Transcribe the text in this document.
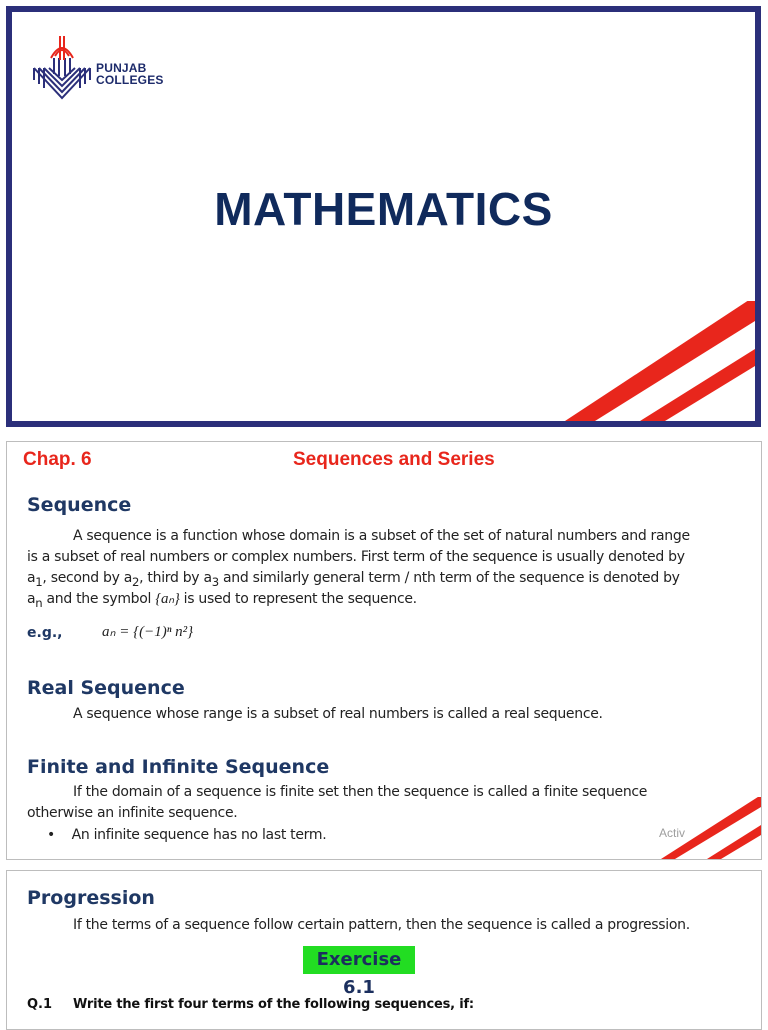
PUNJAB
COLLEGES
MATHEMATICS
Chap. 6	Sequences and Series
Sequence
A sequence is a function whose domain is a subset of the set of natural numbers and range
is a subset of real numbers or complex numbers. First term of the sequence is usually denoted by
$a_1$, second by $a_2$, third by $a_3$ and similarly general term / nth term of the sequence is denoted by
$a_n$ and the symbol {aₙ} is used to represent the sequence.
e.g.,	aₙ = {(−1)ⁿ n²}
Real Sequence
A sequence whose range is a subset of real numbers is called a real sequence.
Finite and Infinite Sequence
If the domain of a sequence is finite set then the sequence is called a finite sequence
otherwise an infinite sequence.
•    An infinite sequence has no last term.	Activ
Progression
If the terms of a sequence follow certain pattern, then the sequence is called a progression.
Exercise 6.1
Q.1 Write the first four terms of the following sequences, if:
